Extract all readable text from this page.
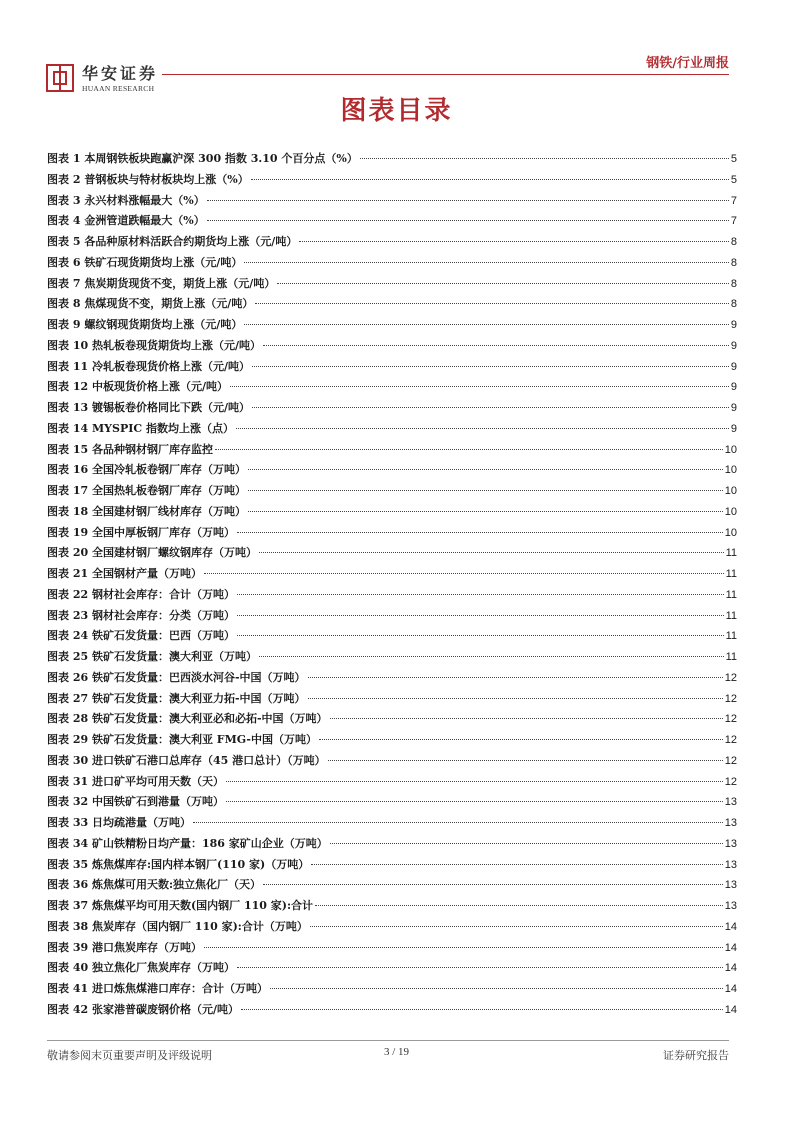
华安证券
HUAAN RESEARCH
钢铁/行业周报
图表目录
图表 1 本周钢铁板块跑赢沪深 300 指数 3.10 个百分点（%）	5
图表 2 普钢板块与特材板块均上涨（%）	5
图表 3 永兴材料涨幅最大（%）	7
图表 4 金洲管道跌幅最大（%）	7
图表 5 各品种原材料活跃合约期货均上涨（元/吨）	8
图表 6 铁矿石现货期货均上涨（元/吨）	8
图表 7 焦炭期货现货不变，期货上涨（元/吨）	8
图表 8 焦煤现货不变，期货上涨（元/吨）	8
图表 9 螺纹钢现货期货均上涨（元/吨）	9
图表 10 热轧板卷现货期货均上涨（元/吨）	9
图表 11 冷轧板卷现货价格上涨（元/吨）	9
图表 12 中板现货价格上涨（元/吨）	9
图表 13 镀锡板卷价格同比下跌（元/吨）	9
图表 14 MYSPIC 指数均上涨（点）	9
图表 15 各品种钢材钢厂库存监控	10
图表 16 全国冷轧板卷钢厂库存（万吨）	10
图表 17 全国热轧板卷钢厂库存（万吨）	10
图表 18 全国建材钢厂线材库存（万吨）	10
图表 19 全国中厚板钢厂库存（万吨）	10
图表 20 全国建材钢厂螺纹钢库存（万吨）	11
图表 21 全国钢材产量（万吨）	11
图表 22 钢材社会库存：合计（万吨）	11
图表 23 钢材社会库存：分类（万吨）	11
图表 24 铁矿石发货量：巴西（万吨）	11
图表 25 铁矿石发货量：澳大利亚（万吨）	11
图表 26 铁矿石发货量：巴西淡水河谷-中国（万吨）	12
图表 27 铁矿石发货量：澳大利亚力拓-中国（万吨）	12
图表 28 铁矿石发货量：澳大利亚必和必拓-中国（万吨）	12
图表 29 铁矿石发货量：澳大利亚 FMG-中国（万吨）	12
图表 30 进口铁矿石港口总库存（45 港口总计）（万吨）	12
图表 31 进口矿平均可用天数（天）	12
图表 32 中国铁矿石到港量（万吨）	13
图表 33 日均疏港量（万吨）	13
图表 34 矿山铁精粉日均产量：186 家矿山企业（万吨）	13
图表 35 炼焦煤库存:国内样本钢厂(110 家)（万吨）	13
图表 36 炼焦煤可用天数:独立焦化厂（天）	13
图表 37 炼焦煤平均可用天数(国内钢厂 110 家):合计	13
图表 38 焦炭库存（国内钢厂 110 家):合计（万吨）	14
图表 39 港口焦炭库存（万吨）	14
图表 40 独立焦化厂焦炭库存（万吨）	14
图表 41 进口炼焦煤港口库存：合计（万吨）	14
图表 42 张家港普碳废钢价格（元/吨）	14
敬请参阅末页重要声明及评级说明	3 / 19	证券研究报告
